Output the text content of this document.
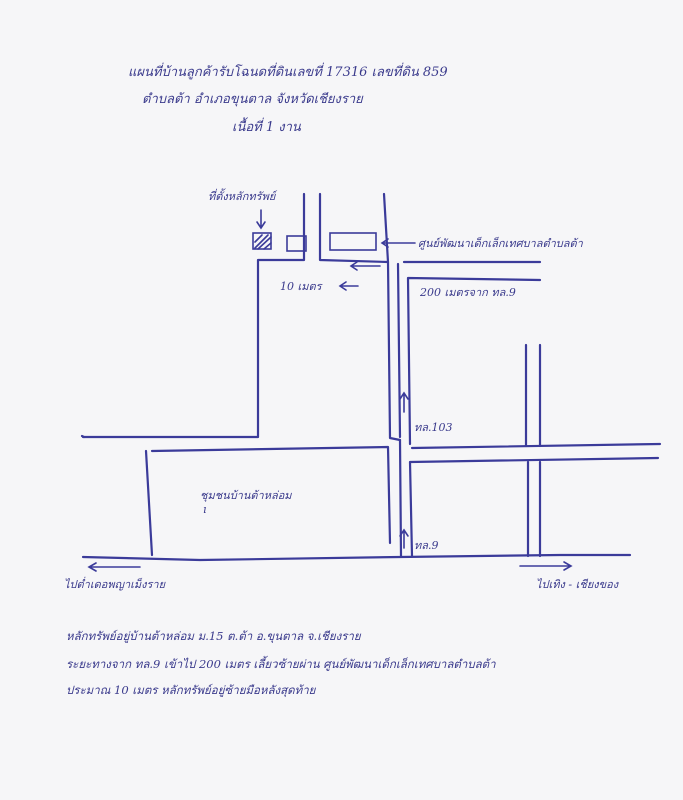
แผนที่บ้านลูกค้ารับโฉนดที่ดินเลขที่ 17316 เลขที่ดิน 859
ตำบลต้า อำเภอขุนตาล จังหวัดเชียงราย
เนื้อที่ 1 งาน
ที่ตั้งหลักทรัพย์
ศูนย์พัฒนาเด็กเล็กเทศบาลตำบลต้า
10 เมตร	200 เมตรจาก ทล.9
ทล.103
ทล.9
ชุมชนบ้านต้าหล่อม
ı
ไปต่ำเดอพญาเม็งราย	ไปเทิง - เชียงของ
หลักทรัพย์อยู่บ้านต้าหล่อม ม.15 ต.ต้า อ.ขุนตาล จ.เชียงราย
ระยะทางจาก ทล.9 เข้าไป 200 เมตร เลี้ยวซ้ายผ่าน ศูนย์พัฒนาเด็กเล็กเทศบาลตำบลต้า
ประมาณ 10 เมตร หลักทรัพย์อยู่ซ้ายมือหลังสุดท้าย
